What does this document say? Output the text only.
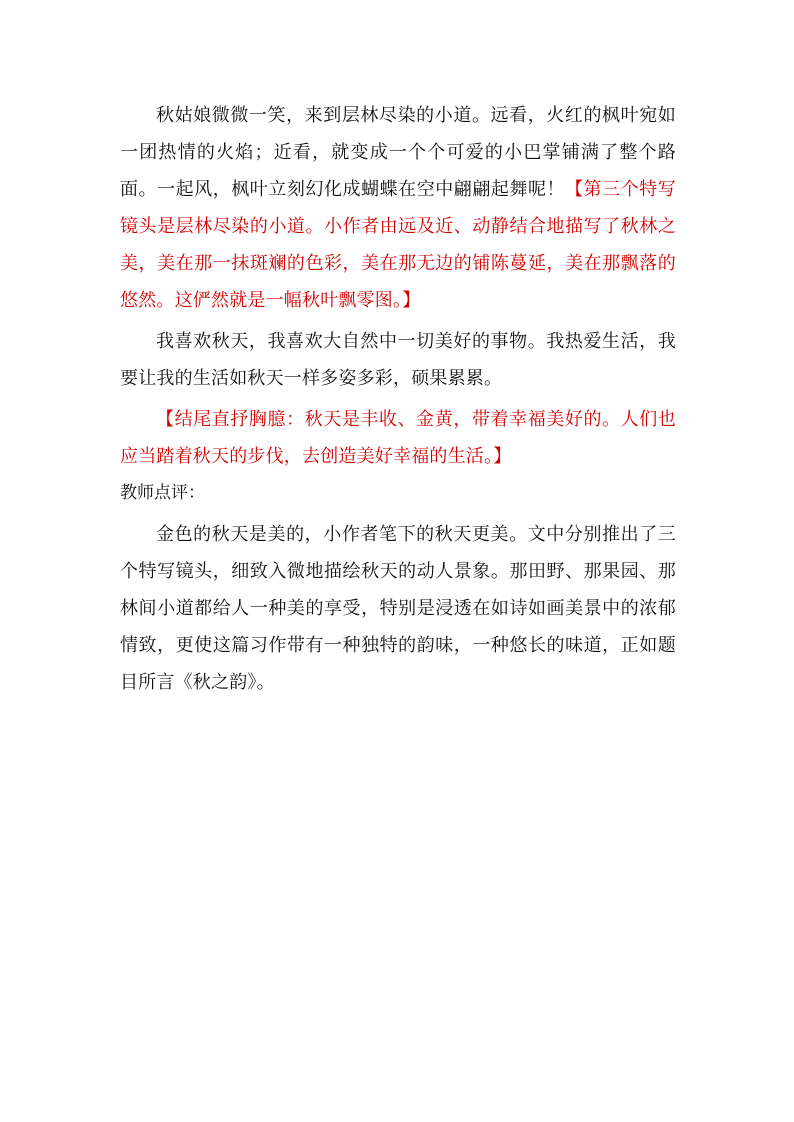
秋姑娘微微一笑，来到层林尽染的小道。远看，火红的枫叶宛如一团热情的火焰；近看，就变成一个个可爱的小巴掌铺满了整个路面。一起风，枫叶立刻幻化成蝴蝶在空中翩翩起舞呢！【第三个特写镜头是层林尽染的小道。小作者由远及近、动静结合地描写了秋林之美，美在那一抹斑斓的色彩，美在那无边的铺陈蔓延，美在那飘落的悠然。这俨然就是一幅秋叶飘零图。】

我喜欢秋天，我喜欢大自然中一切美好的事物。我热爱生活，我要让我的生活如秋天一样多姿多彩，硕果累累。

【结尾直抒胸臆：秋天是丰收、金黄，带着幸福美好的。人们也应当踏着秋天的步伐，去创造美好幸福的生活。】

教师点评：

金色的秋天是美的，小作者笔下的秋天更美。文中分别推出了三个特写镜头，细致入微地描绘秋天的动人景象。那田野、那果园、那林间小道都给人一种美的享受，特别是浸透在如诗如画美景中的浓郁情致，更使这篇习作带有一种独特的韵味，一种悠长的味道，正如题目所言《秋之韵》。
